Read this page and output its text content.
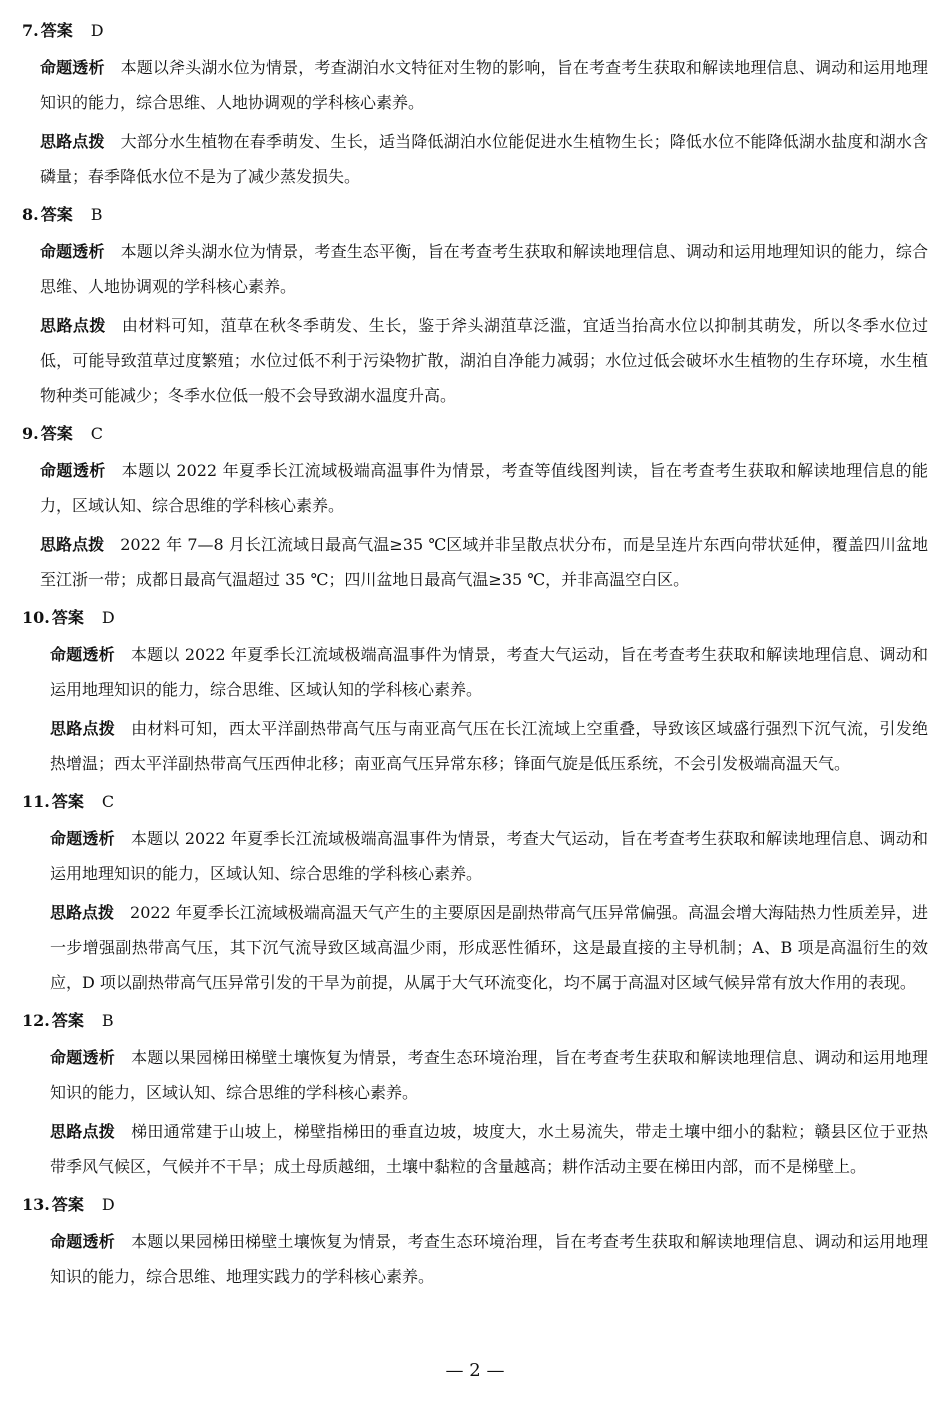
7. 答案 D

命题透析 本题以斧头湖水位为情景，考查湖泊水文特征对生物的影响，旨在考查考生获取和解读地理信息、调动和运用地理知识的能力，综合思维、人地协调观的学科核心素养。

思路点拨 大部分水生植物在春季萌发、生长，适当降低湖泊水位能促进水生植物生长；降低水位不能降低湖水盐度和湖水含磷量；春季降低水位不是为了减少蒸发损失。

8. 答案 B

命题透析 本题以斧头湖水位为情景，考查生态平衡，旨在考查考生获取和解读地理信息、调动和运用地理知识的能力，综合思维、人地协调观的学科核心素养。

思路点拨 由材料可知，菹草在秋冬季萌发、生长，鉴于斧头湖菹草泛滥，宜适当抬高水位以抑制其萌发，所以冬季水位过低，可能导致菹草过度繁殖；水位过低不利于污染物扩散，湖泊自净能力减弱；水位过低会破坏水生植物的生存环境，水生植物种类可能减少；冬季水位低一般不会导致湖水温度升高。

9. 答案 C

命题透析 本题以 2022 年夏季长江流域极端高温事件为情景，考查等值线图判读，旨在考查考生获取和解读地理信息的能力，区域认知、综合思维的学科核心素养。

思路点拨 2022 年 7—8 月长江流域日最高气温≥35 ℃区域并非呈散点状分布，而是呈连片东西向带状延伸，覆盖四川盆地至江浙一带；成都日最高气温超过 35 ℃；四川盆地日最高气温≥35 ℃，并非高温空白区。

10. 答案 D

命题透析 本题以 2022 年夏季长江流域极端高温事件为情景，考查大气运动，旨在考查考生获取和解读地理信息、调动和运用地理知识的能力，综合思维、区域认知的学科核心素养。

思路点拨 由材料可知，西太平洋副热带高气压与南亚高气压在长江流域上空重叠，导致该区域盛行强烈下沉气流，引发绝热增温；西太平洋副热带高气压西伸北移；南亚高气压异常东移；锋面气旋是低压系统，不会引发极端高温天气。

11. 答案 C

命题透析 本题以 2022 年夏季长江流域极端高温事件为情景，考查大气运动，旨在考查考生获取和解读地理信息、调动和运用地理知识的能力，区域认知、综合思维的学科核心素养。

思路点拨 2022 年夏季长江流域极端高温天气产生的主要原因是副热带高气压异常偏强。高温会增大海陆热力性质差异，进一步增强副热带高气压，其下沉气流导致区域高温少雨，形成恶性循环，这是最直接的主导机制；A、B 项是高温衍生的效应，D 项以副热带高气压异常引发的干旱为前提，从属于大气环流变化，均不属于高温对区域气候异常有放大作用的表现。

12. 答案 B

命题透析 本题以果园梯田梯壁土壤恢复为情景，考查生态环境治理，旨在考查考生获取和解读地理信息、调动和运用地理知识的能力，区域认知、综合思维的学科核心素养。

思路点拨 梯田通常建于山坡上，梯壁指梯田的垂直边坡，坡度大，水土易流失，带走土壤中细小的黏粒；赣县区位于亚热带季风气候区，气候并不干旱；成土母质越细，土壤中黏粒的含量越高；耕作活动主要在梯田内部，而不是梯壁上。

13. 答案 D

命题透析 本题以果园梯田梯壁土壤恢复为情景，考查生态环境治理，旨在考查考生获取和解读地理信息、调动和运用地理知识的能力，综合思维、地理实践力的学科核心素养。

— 2 —
